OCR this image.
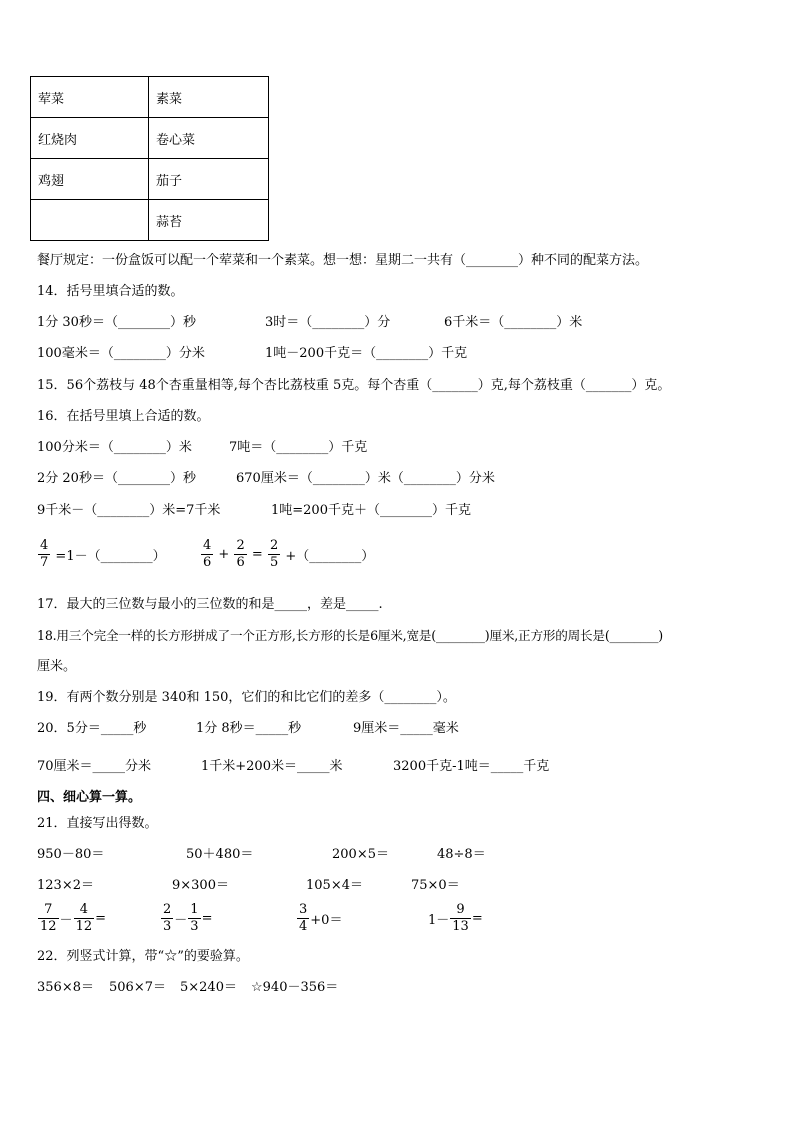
荤菜	素菜
红烧肉	卷心菜
鸡翅	茄子
	蒜苔
餐厅规定：一份盒饭可以配一个荤菜和一个素菜。想一想：星期二一共有（________）种不同的配菜方法。
14．括号里填合适的数。
1分 30秒＝（________）秒	3时＝（________）分	6千米＝（________）米
100毫米＝（________）分米	1吨－200千克＝（________）千克
15．56个荔枝与 48个杏重量相等,每个杏比荔枝重 5克。每个杏重（_______）克,每个荔枝重（_______）克。
16．在括号里填上合适的数。
100分米＝（________）米	7吨＝（________）千克
2分 20秒＝（________）秒	670厘米＝（________）米（________）分米
9千米－（________）米=7千米	1吨=200千克＋（________）千克
$\frac{4}{7}$ =1－（________）	$\frac{4}{6} + \frac{2}{6} = \frac{2}{5}$ +（________）
17．最大的三位数与最小的三位数的和是_____，差是_____.
18.用三个完全一样的长方形拼成了一个正方形,长方形的长是6厘米,宽是(________)厘米,正方形的周长是(________)
厘米。
19．有两个数分别是 340和 150，它们的和比它们的差多（________）。
20．5分＝_____秒	1分 8秒＝_____秒	9厘米＝_____毫米
70厘米＝_____分米	1千米+200米＝_____米	3200千克-1吨＝_____千克
四、细心算一算。
21．直接写出得数。
950－80＝	50＋480＝	200×5＝	48÷8＝
123×2＝	9×300＝	105×4＝	75×0＝
$\frac{7}{12} - \frac{4}{12}$ =	$\frac{2}{3} - \frac{1}{3}$ =	$\frac{3}{4} +0=$	$1- \frac{9}{13}$ =
22．列竖式计算，带“☆”的要验算。
356×8＝ 506×7＝ 5×240＝ ☆940－356＝
